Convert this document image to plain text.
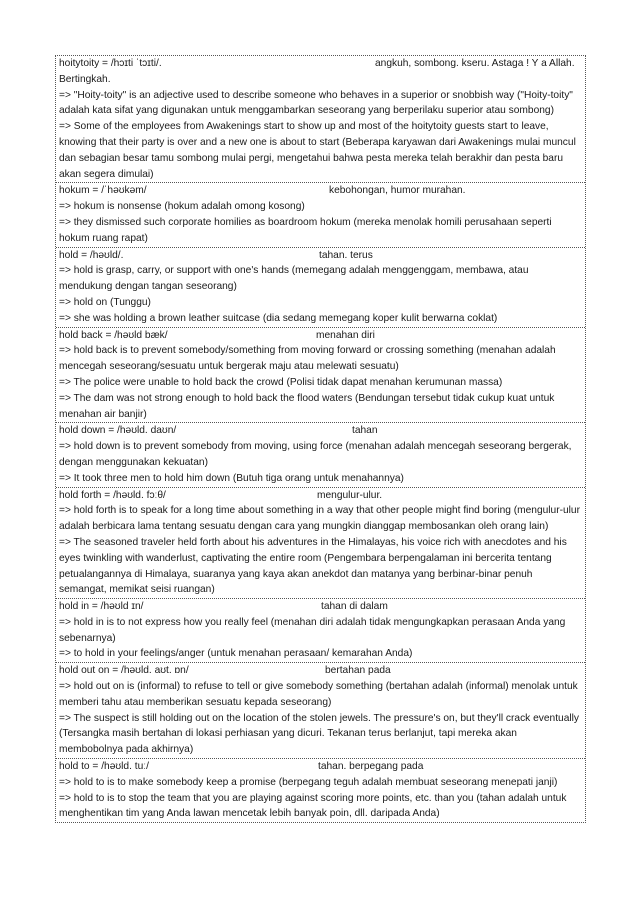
hoitytoity = /hɔɪti ˈtɔɪti/.	angkuh, sombong. kseru. Astaga ! Y a Allah.
Bertingkah.
=> "Hoity-toity" is an adjective used to describe someone who behaves in a superior or snobbish way ("Hoity-toity" adalah kata sifat yang digunakan untuk menggambarkan seseorang yang berperilaku superior atau sombong)
=> Some of the employees from Awakenings start to show up and most of the hoitytoity guests start to leave, knowing that their party is over and a new one is about to start (Beberapa karyawan dari Awakenings mulai muncul dan sebagian besar tamu sombong mulai pergi, mengetahui bahwa pesta mereka telah berakhir dan pesta baru akan segera dimulai)
hokum = /ˈhəʊkəm/	kebohongan, humor murahan.
=> hokum is nonsense (hokum adalah omong kosong)
=> they dismissed such corporate homilies as boardroom hokum (mereka menolak homili perusahaan seperti hokum ruang rapat)
hold = /həʊld/.	tahan. terus
=> hold is grasp, carry, or support with one's hands (memegang adalah menggenggam, membawa, atau mendukung dengan tangan seseorang)
=> hold on (Tunggu)
=> she was holding a brown leather suitcase (dia sedang memegang koper kulit berwarna coklat)
hold back = /həʊld bæk/	menahan diri
=> hold back is to prevent somebody/something from moving forward or crossing something (menahan adalah mencegah seseorang/sesuatu untuk bergerak maju atau melewati sesuatu)
=> The police were unable to hold back the crowd (Polisi tidak dapat menahan kerumunan massa)
=> The dam was not strong enough to hold back the flood waters (Bendungan tersebut tidak cukup kuat untuk menahan air banjir)
hold down = /həʊld. daʊn/	tahan
=> hold down is to prevent somebody from moving, using force (menahan adalah mencegah seseorang bergerak, dengan menggunakan kekuatan)
=> It took three men to hold him down (Butuh tiga orang untuk menahannya)
hold forth = /həʊld. fɔːθ/	mengulur-ulur.
=> hold forth is to speak for a long time about something in a way that other people might find boring (mengulur-ulur adalah berbicara lama tentang sesuatu dengan cara yang mungkin dianggap membosankan oleh orang lain)
=> The seasoned traveler held forth about his adventures in the Himalayas, his voice rich with anecdotes and his eyes twinkling with wanderlust, captivating the entire room (Pengembara berpengalaman ini bercerita tentang petualangannya di Himalaya, suaranya yang kaya akan anekdot dan matanya yang berbinar-binar penuh semangat, memikat seisi ruangan)
hold in = /həʊld ɪn/	tahan di dalam
=> hold in is to not express how you really feel (menahan diri adalah tidak mengungkapkan perasaan Anda yang sebenarnya)
=> to hold in your feelings/anger (untuk menahan perasaan/ kemarahan Anda)
hold out on = /həʊld. aʊt. ɒn/	bertahan pada
=> hold out on is (informal) to refuse to tell or give somebody something (bertahan adalah (informal) menolak untuk memberi tahu atau memberikan sesuatu kepada seseorang)
=> The suspect is still holding out on the location of the stolen jewels. The pressure's on, but they'll crack eventually (Tersangka masih bertahan di lokasi perhiasan yang dicuri. Tekanan terus berlanjut, tapi mereka akan membobolnya pada akhirnya)
hold to = /həʊld. tuː/	tahan. berpegang pada
=> hold to is to make somebody keep a promise (berpegang teguh adalah membuat seseorang menepati janji)
=> hold to is to stop the team that you are playing against scoring more points, etc. than you (tahan adalah untuk menghentikan tim yang Anda lawan mencetak lebih banyak poin, dll. daripada Anda)
